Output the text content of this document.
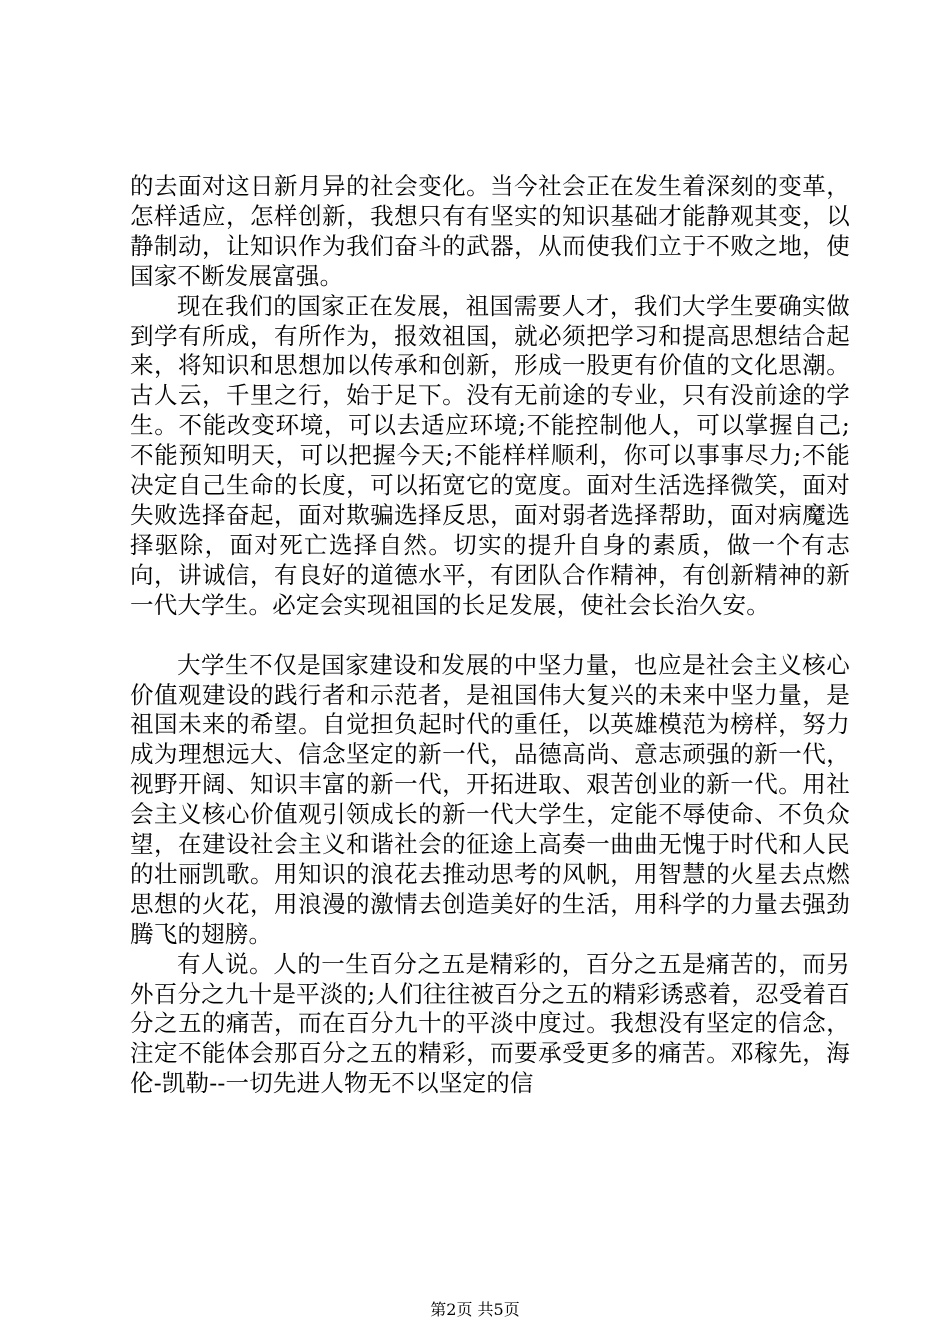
的去面对这日新月异的社会变化。当今社会正在发生着深刻的变革，怎样适应，怎样创新，我想只有有坚实的知识基础才能静观其变，以静制动，让知识作为我们奋斗的武器，从而使我们立于不败之地，使国家不断发展富强。

现在我们的国家正在发展，祖国需要人才，我们大学生要确实做到学有所成，有所作为，报效祖国，就必须把学习和提高思想结合起来，将知识和思想加以传承和创新，形成一股更有价值的文化思潮。古人云，千里之行，始于足下。没有无前途的专业，只有没前途的学生。不能改变环境，可以去适应环境;不能控制他人，可以掌握自己;不能预知明天，可以把握今天;不能样样顺利，你可以事事尽力;不能决定自己生命的长度，可以拓宽它的宽度。面对生活选择微笑，面对失败选择奋起，面对欺骗选择反思，面对弱者选择帮助，面对病魔选择驱除，面对死亡选择自然。切实的提升自身的素质，做一个有志向，讲诚信，有良好的道德水平，有团队合作精神，有创新精神的新一代大学生。必定会实现祖国的长足发展，使社会长治久安。

大学生不仅是国家建设和发展的中坚力量，也应是社会主义核心价值观建设的践行者和示范者，是祖国伟大复兴的未来中坚力量，是祖国未来的希望。自觉担负起时代的重任，以英雄模范为榜样，努力成为理想远大、信念坚定的新一代，品德高尚、意志顽强的新一代，视野开阔、知识丰富的新一代，开拓进取、艰苦创业的新一代。用社会主义核心价值观引领成长的新一代大学生，定能不辱使命、不负众望，在建设社会主义和谐社会的征途上高奏一曲曲无愧于时代和人民的壮丽凯歌。用知识的浪花去推动思考的风帆，用智慧的火星去点燃思想的火花，用浪漫的激情去创造美好的生活，用科学的力量去强劲腾飞的翅膀。

有人说。人的一生百分之五是精彩的，百分之五是痛苦的，而另外百分之九十是平淡的;人们往往被百分之五的精彩诱惑着，忍受着百分之五的痛苦，而在百分九十的平淡中度过。我想没有坚定的信念，注定不能体会那百分之五的精彩，而要承受更多的痛苦。邓稼先，海伦-凯勒--一切先进人物无不以坚定的信

第2页 共5页
